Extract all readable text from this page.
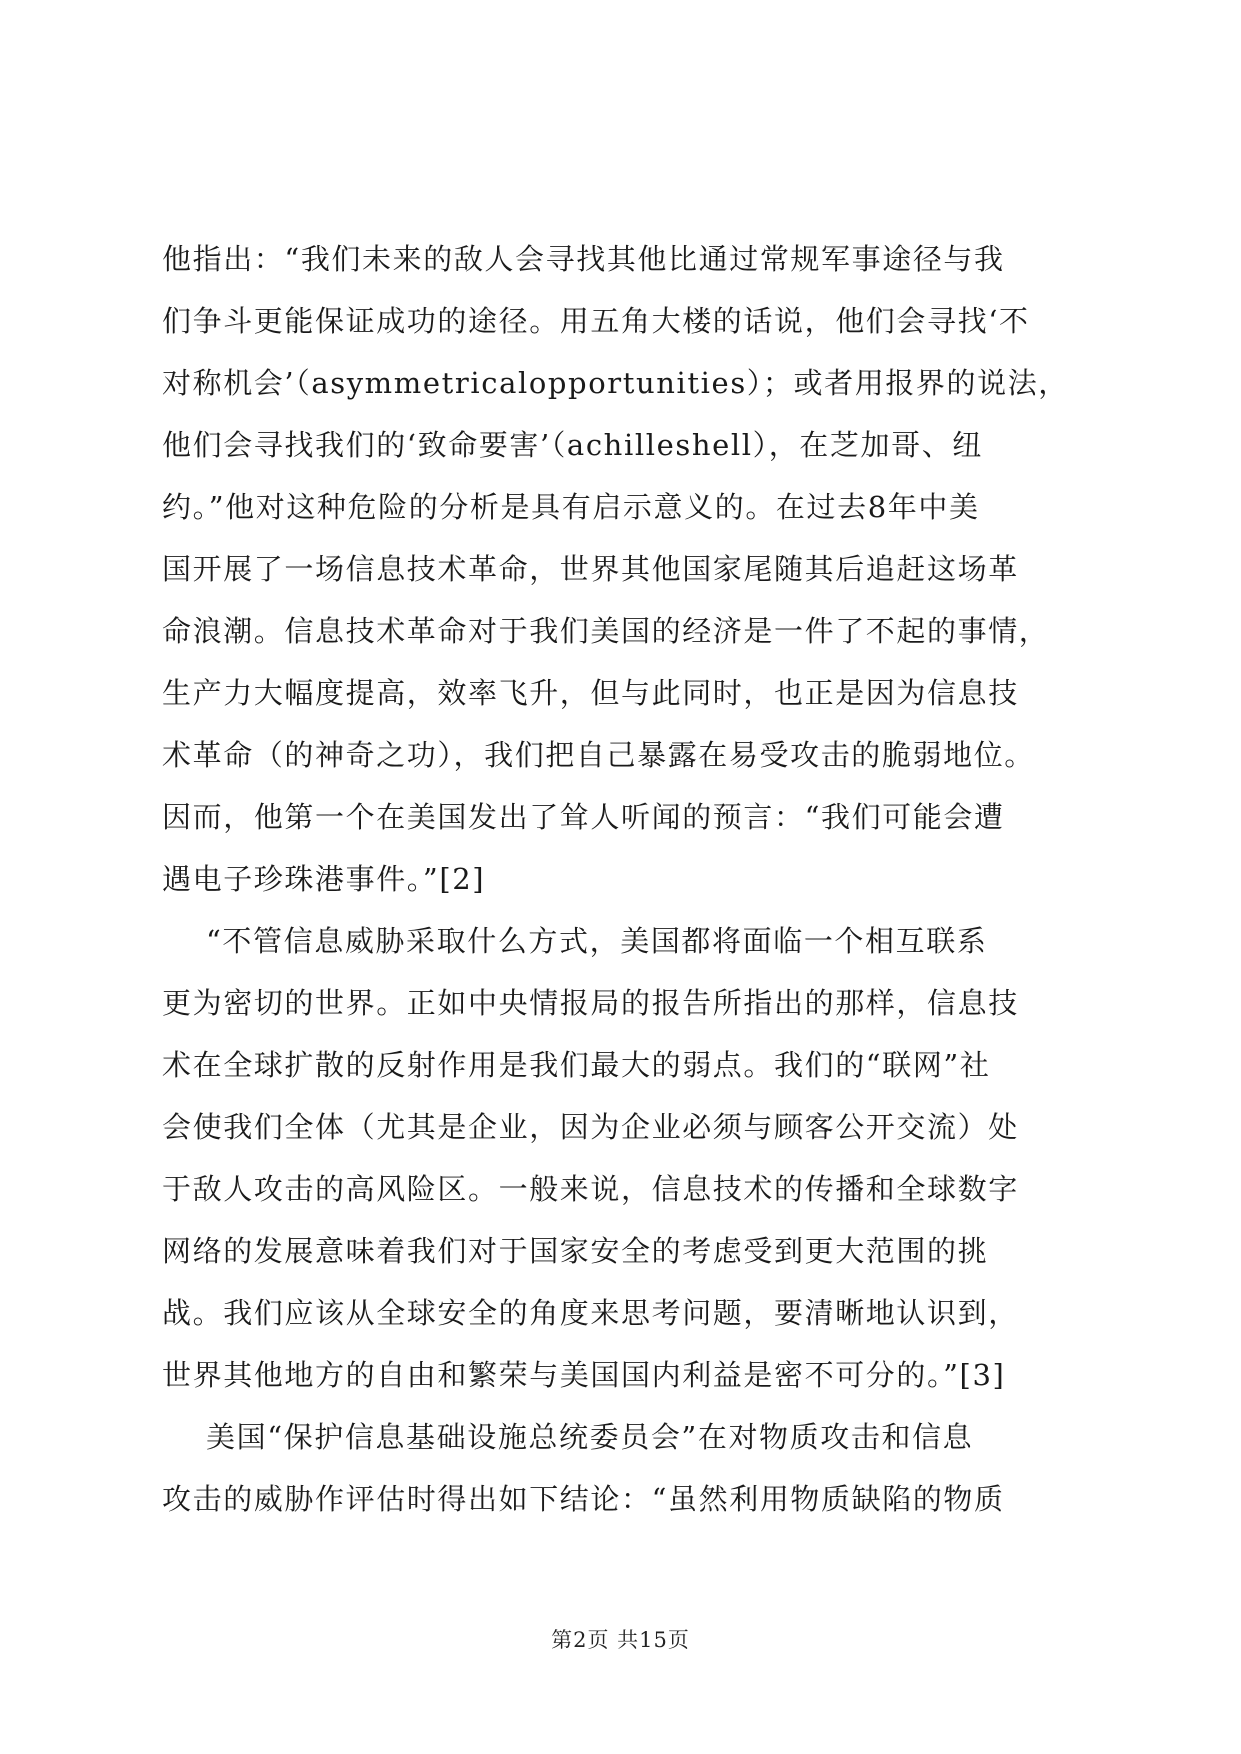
他指出：“我们未来的敌人会寻找其他比通过常规军事途径与我
们争斗更能保证成功的途径。用五角大楼的话说，他们会寻找‘不
对称机会’（asymmetricalopportunities）；或者用报界的说法，
他们会寻找我们的‘致命要害’（achilleshell），在芝加哥、纽
约。”他对这种危险的分析是具有启示意义的。在过去8年中美
国开展了一场信息技术革命，世界其他国家尾随其后追赶这场革
命浪潮。信息技术革命对于我们美国的经济是一件了不起的事情，
生产力大幅度提高，效率飞升，但与此同时，也正是因为信息技
术革命（的神奇之功），我们把自己暴露在易受攻击的脆弱地位。
因而，他第一个在美国发出了耸人听闻的预言：“我们可能会遭
遇电子珍珠港事件。”[2]
“不管信息威胁采取什么方式，美国都将面临一个相互联系
更为密切的世界。正如中央情报局的报告所指出的那样，信息技
术在全球扩散的反射作用是我们最大的弱点。我们的“联网”社
会使我们全体（尤其是企业，因为企业必须与顾客公开交流）处
于敌人攻击的高风险区。一般来说，信息技术的传播和全球数字
网络的发展意味着我们对于国家安全的考虑受到更大范围的挑
战。我们应该从全球安全的角度来思考问题，要清晰地认识到，
世界其他地方的自由和繁荣与美国国内利益是密不可分的。”[3]
美国“保护信息基础设施总统委员会”在对物质攻击和信息
攻击的威胁作评估时得出如下结论：“虽然利用物质缺陷的物质
第2页 共15页
